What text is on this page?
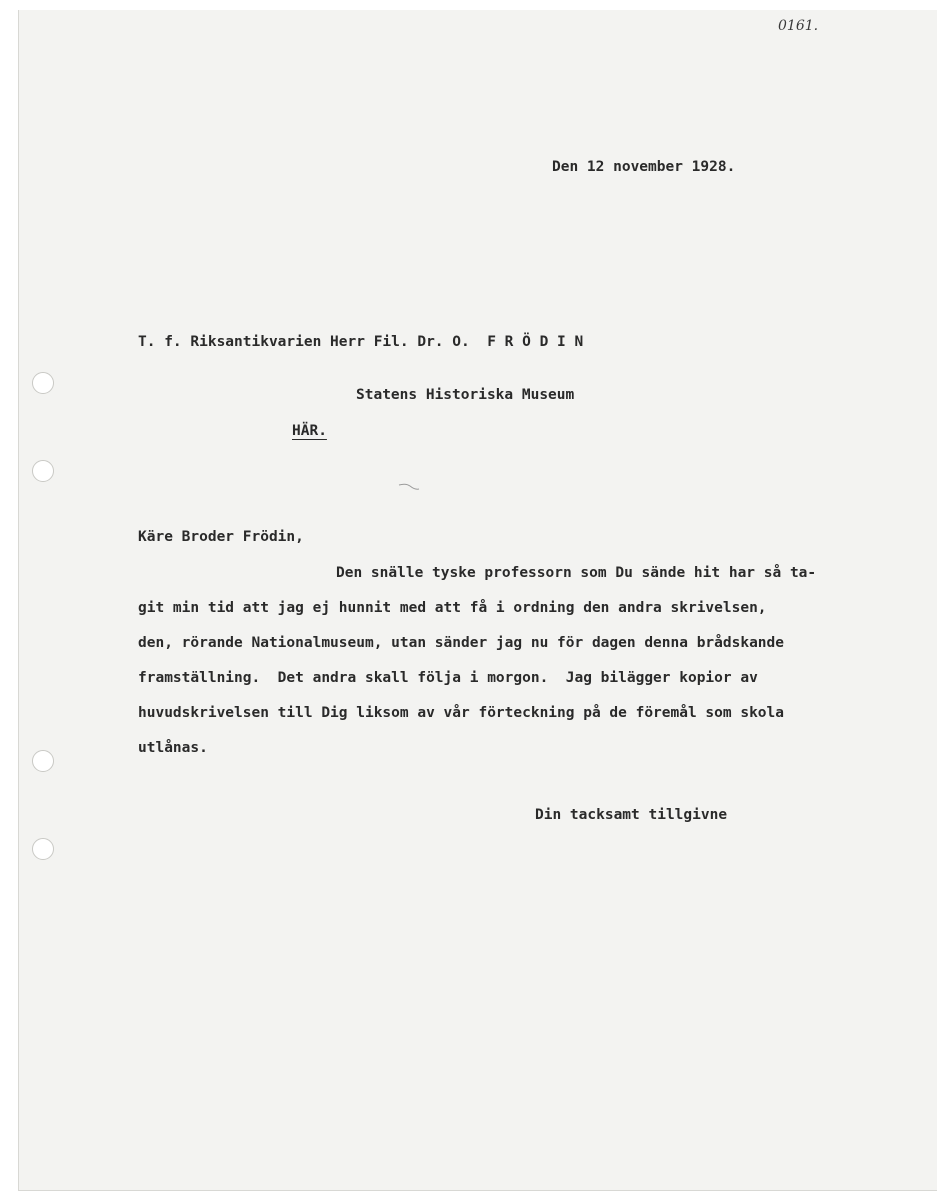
0161.

Den 12 november 1928.

T. f. Riksantikvarien Herr Fil. Dr. O.  F R Ö D I N

Statens Historiska Museum

HÄR.

Käre Broder Frödin,

Den snälle tyske professorn som Du sände hit har så ta-

git min tid att jag ej hunnit med att få i ordning den andra skrivelsen,

den, rörande Nationalmuseum, utan sänder jag nu för dagen denna brådskande

framställning.  Det andra skall följa i morgon.  Jag bilägger kopior av

huvudskrivelsen till Dig liksom av vår förteckning på de föremål som skola

utlånas.

Din tacksamt tillgivne
